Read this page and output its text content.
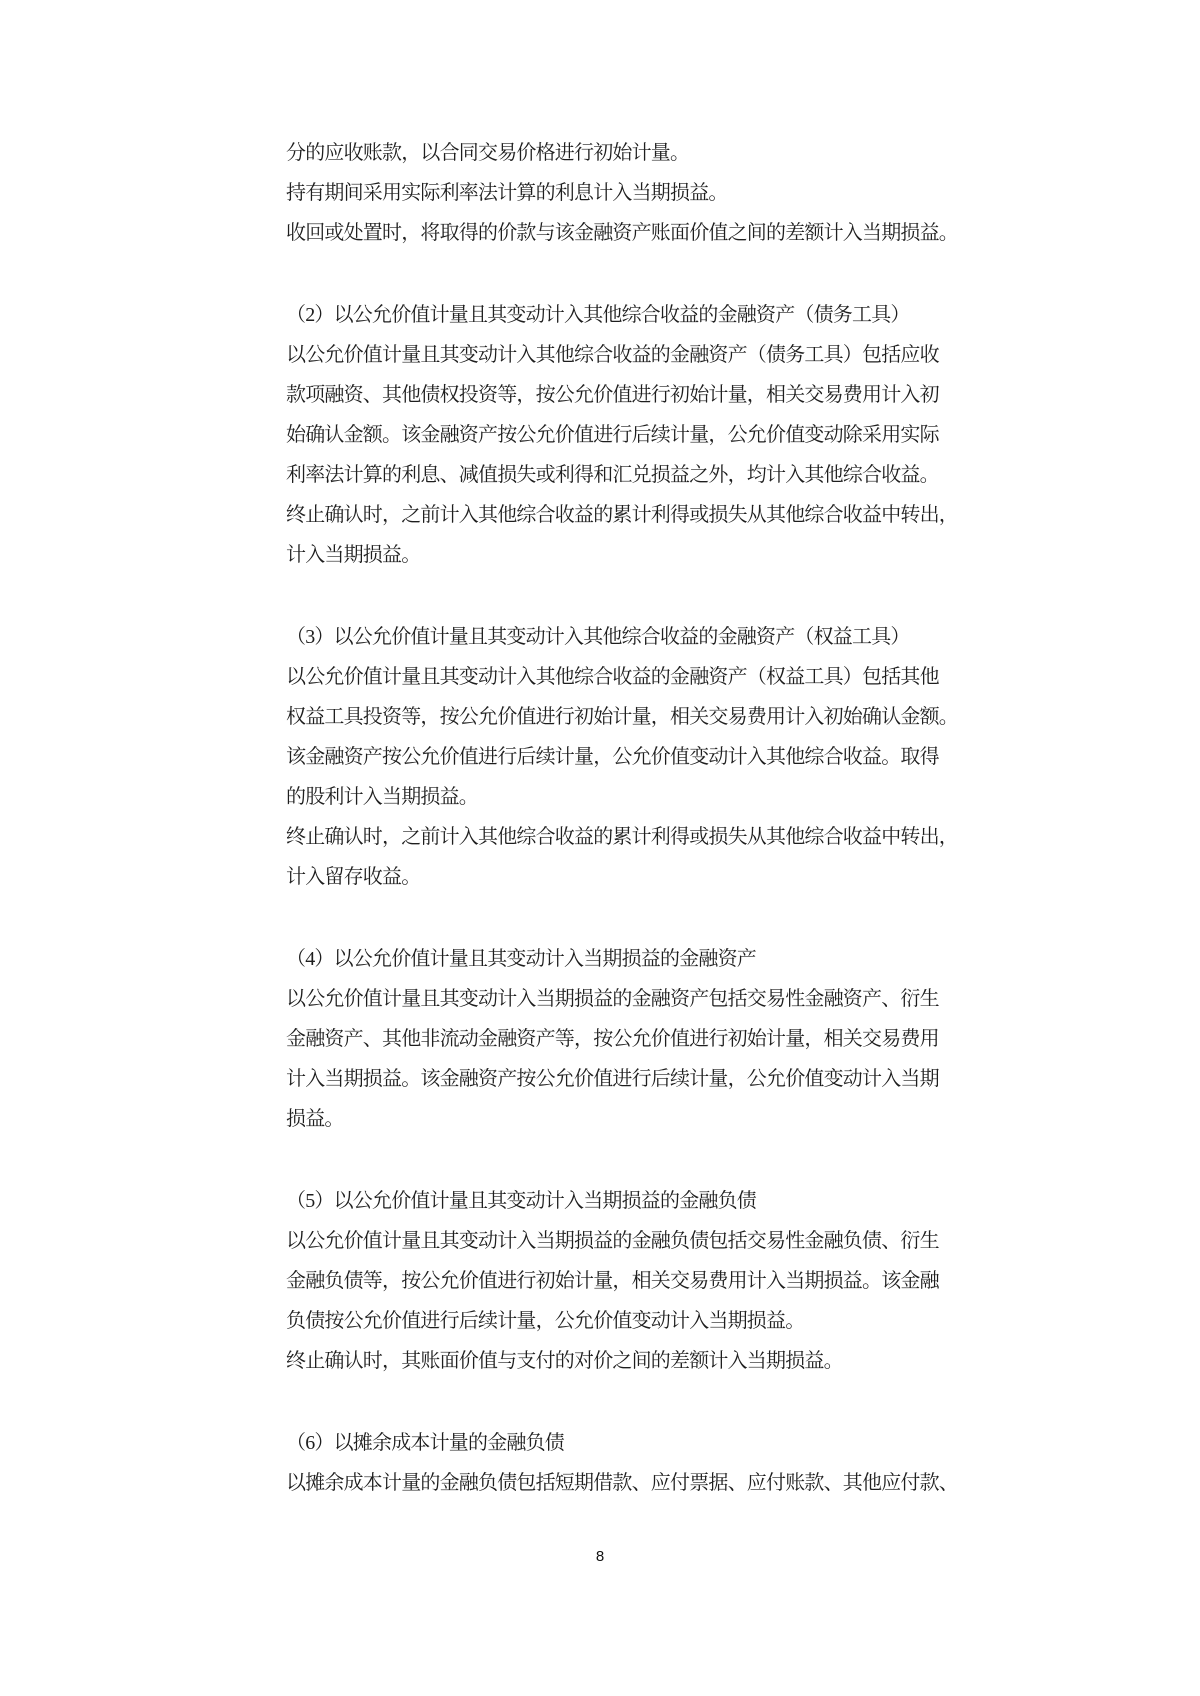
分的应收账款，以合同交易价格进行初始计量。
持有期间采用实际利率法计算的利息计入当期损益。
收回或处置时，将取得的价款与该金融资产账面价值之间的差额计入当期损益。
（2）以公允价值计量且其变动计入其他综合收益的金融资产（债务工具）
以公允价值计量且其变动计入其他综合收益的金融资产（债务工具）包括应收
款项融资、其他债权投资等，按公允价值进行初始计量，相关交易费用计入初
始确认金额。该金融资产按公允价值进行后续计量，公允价值变动除采用实际
利率法计算的利息、减值损失或利得和汇兑损益之外，均计入其他综合收益。
终止确认时，之前计入其他综合收益的累计利得或损失从其他综合收益中转出，
计入当期损益。
（3）以公允价值计量且其变动计入其他综合收益的金融资产（权益工具）
以公允价值计量且其变动计入其他综合收益的金融资产（权益工具）包括其他
权益工具投资等，按公允价值进行初始计量，相关交易费用计入初始确认金额。
该金融资产按公允价值进行后续计量，公允价值变动计入其他综合收益。取得
的股利计入当期损益。
终止确认时，之前计入其他综合收益的累计利得或损失从其他综合收益中转出，
计入留存收益。
（4）以公允价值计量且其变动计入当期损益的金融资产
以公允价值计量且其变动计入当期损益的金融资产包括交易性金融资产、衍生
金融资产、其他非流动金融资产等，按公允价值进行初始计量，相关交易费用
计入当期损益。该金融资产按公允价值进行后续计量，公允价值变动计入当期
损益。
（5）以公允价值计量且其变动计入当期损益的金融负债
以公允价值计量且其变动计入当期损益的金融负债包括交易性金融负债、衍生
金融负债等，按公允价值进行初始计量，相关交易费用计入当期损益。该金融
负债按公允价值进行后续计量，公允价值变动计入当期损益。
终止确认时，其账面价值与支付的对价之间的差额计入当期损益。
（6）以摊余成本计量的金融负债
以摊余成本计量的金融负债包括短期借款、应付票据、应付账款、其他应付款、
8
